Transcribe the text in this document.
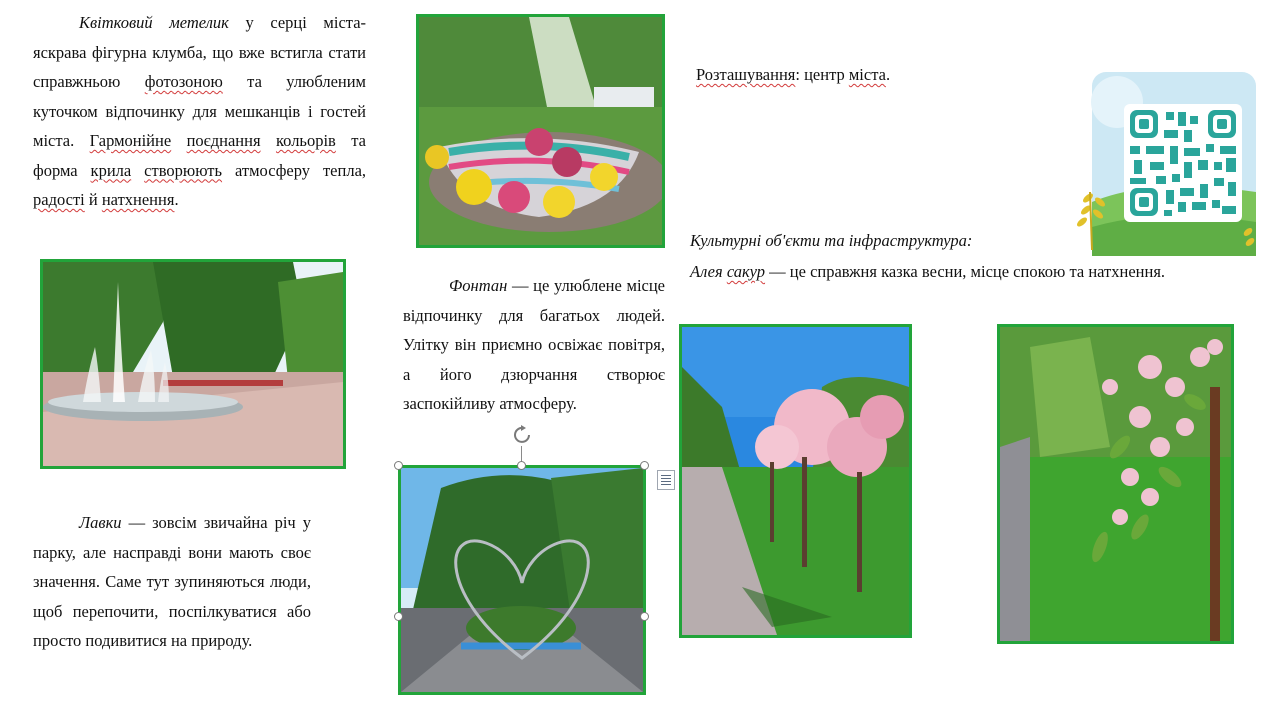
Квітковий метелик у серці міста-яскрава фігурна клумба, що вже встигла стати справжньою фотозоною та улюбленим куточком відпочинку для мешканців і гостей міста. Гармонійне поєднання кольорів та форма крила створюють атмосферу тепла, радості й натхнення.
Лавки — зовсім звичайна річ у парку, але насправді вони мають своє значення. Саме тут зупиняються люди, щоб перепочити, поспілкуватися або просто подивитися на природу.
Фонтан — це улюблене місце відпочинку для багатьох людей. Улітку він приємно освіжає повітря, а його дзюрчання створює заспокійливу атмосферу.
Розташування: центр міста.
Культурні об'єкти та інфраструктура:
Алея сакур — це справжня казка весни, місце спокою та натхнення.
